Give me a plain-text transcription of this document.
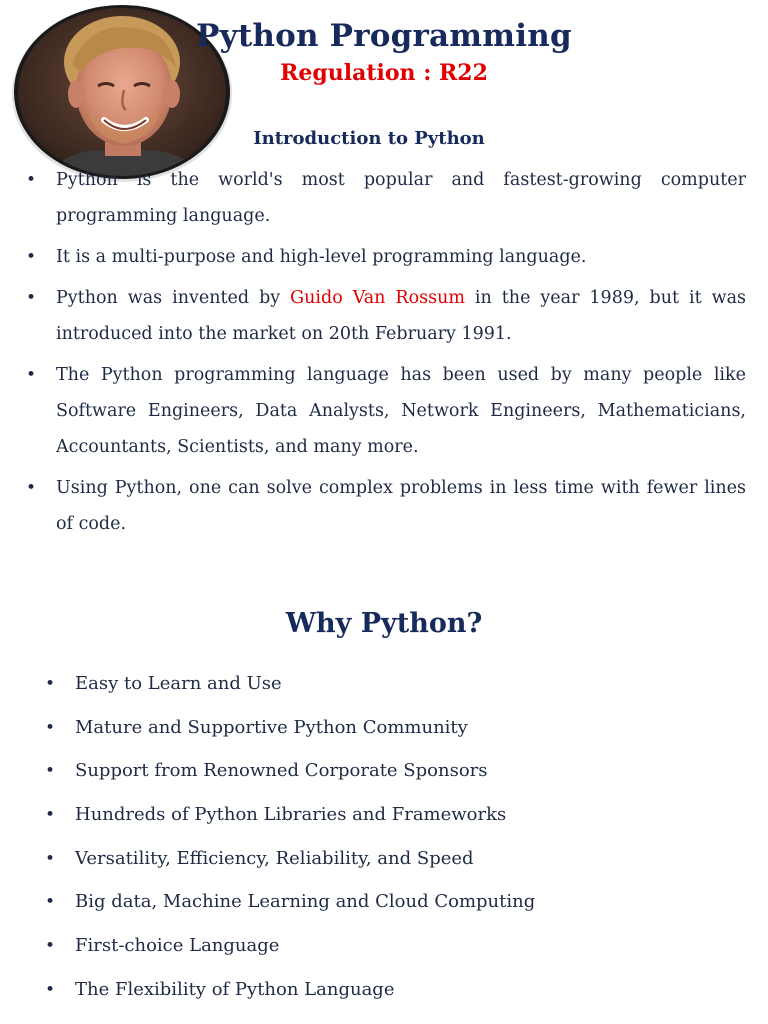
Python Programming
Regulation : R22
Introduction to Python
• Python is the world's most popular and fastest-growing computer programming language.
• It is a multi-purpose and high-level programming language.
• Python was invented by Guido Van Rossum in the year 1989, but it was introduced into the market on 20th February 1991.
• The Python programming language has been used by many people like Software Engineers, Data Analysts, Network Engineers, Mathematicians, Accountants, Scientists, and many more.
• Using Python, one can solve complex problems in less time with fewer lines of code.
Why Python?
• Easy to Learn and Use
• Mature and Supportive Python Community
• Support from Renowned Corporate Sponsors
• Hundreds of Python Libraries and Frameworks
• Versatility, Efficiency, Reliability, and Speed
• Big data, Machine Learning and Cloud Computing
• First-choice Language
• The Flexibility of Python Language
